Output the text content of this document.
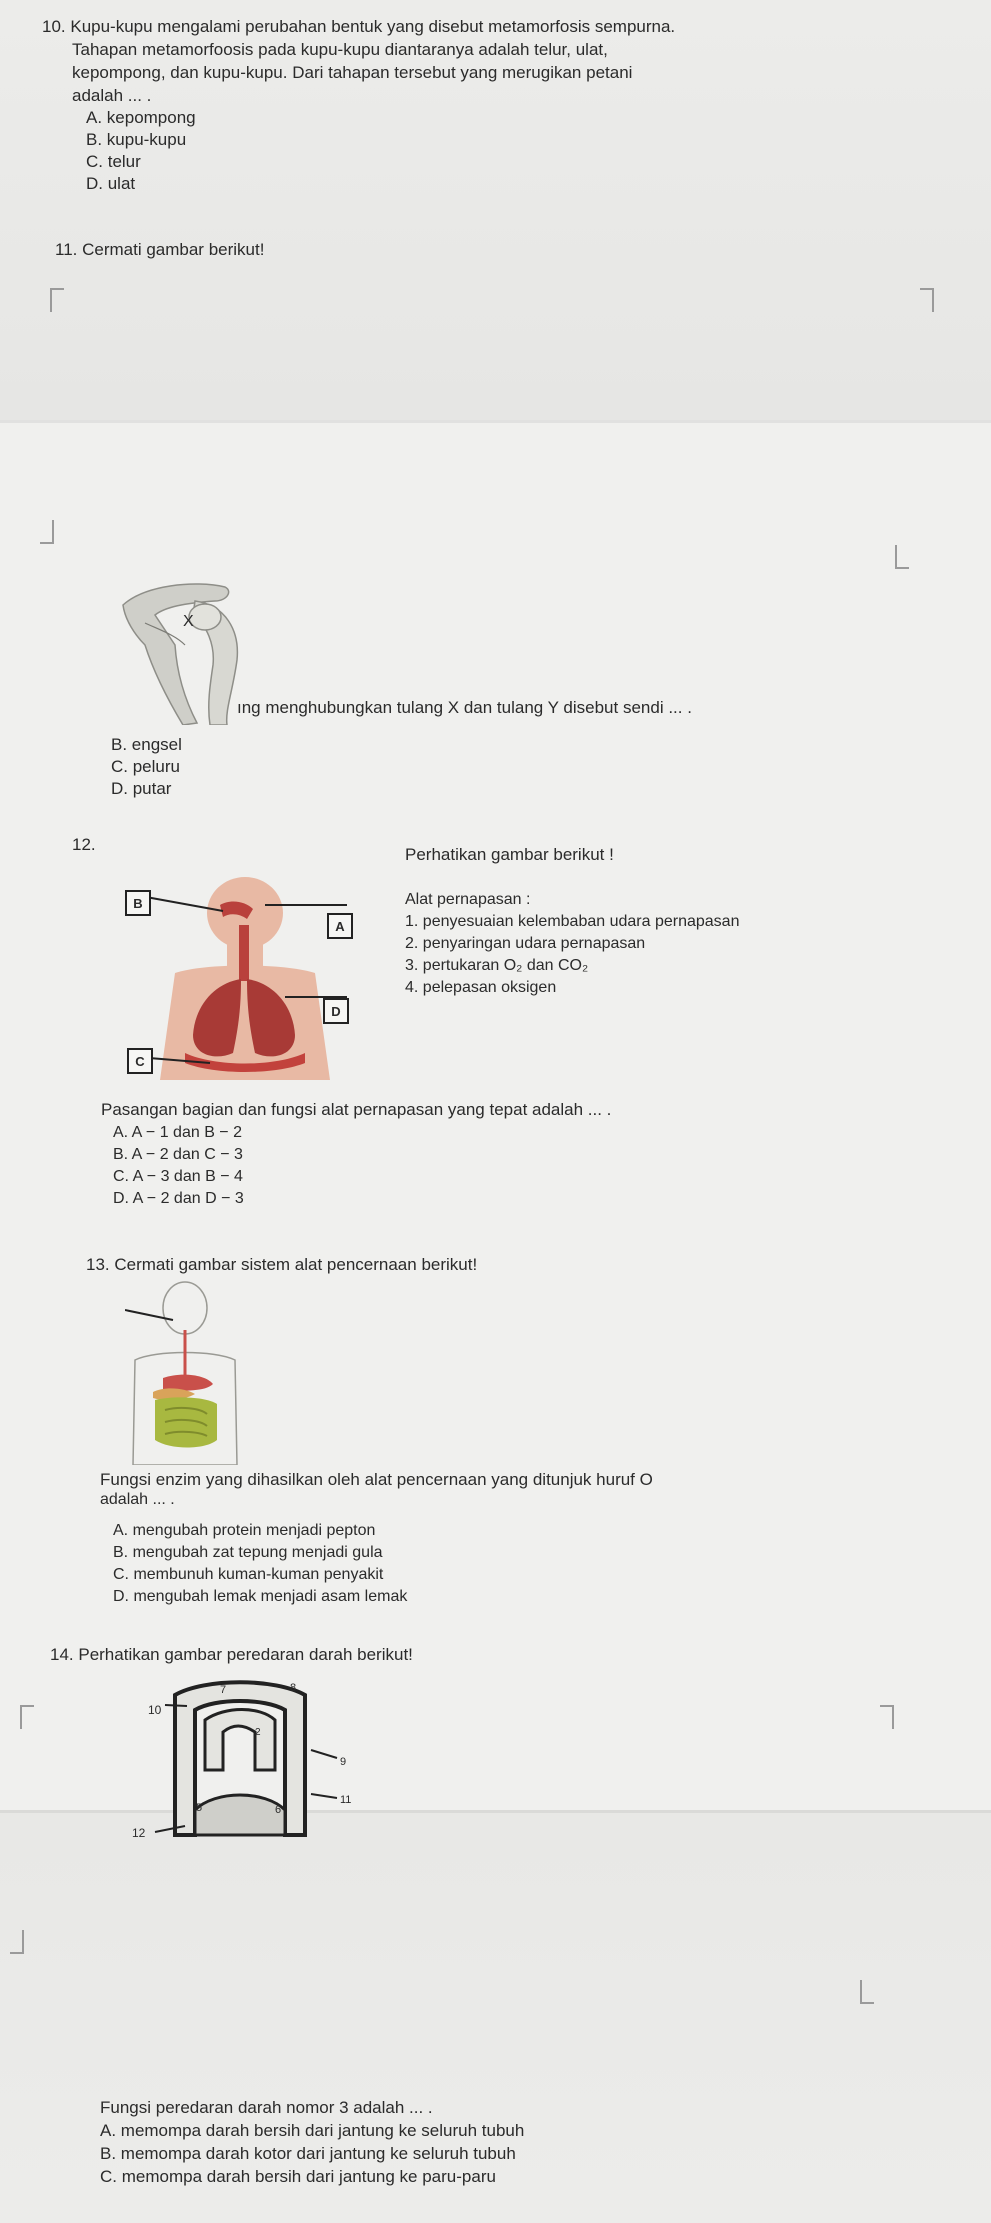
10. Kupu-kupu mengalami perubahan bentuk yang disebut metamorfosis sempurna.
Tahapan metamorfoosis pada kupu-kupu diantaranya adalah telur, ulat,
kepompong, dan kupu-kupu. Dari tahapan tersebut yang merugikan petani
adalah ... .
A. kepompong
B. kupu-kupu
C. telur
D. ulat
11. Cermati gambar berikut!
X
ıng menghubungkan tulang X dan tulang Y disebut sendi ... .
B. engsel
C. peluru
D. putar
12.
Perhatikan gambar berikut !
B
A
D
C
Alat pernapasan :
1. penyesuaian kelembaban udara pernapasan
2. penyaringan udara pernapasan
3. pertukaran O₂ dan CO₂
4. pelepasan oksigen
Pasangan bagian dan fungsi alat pernapasan yang tepat adalah ... .
A. A − 1 dan B − 2
B. A − 2 dan C − 3
C. A − 3 dan B − 4
D. A − 2 dan D − 3
13. Cermati gambar sistem alat pencernaan berikut!
Fungsi enzim yang dihasilkan oleh alat pencernaan yang ditunjuk huruf O
adalah ... .
A. mengubah protein menjadi pepton
B. mengubah zat tepung menjadi gula
C. membunuh kuman-kuman penyakit
D. mengubah lemak menjadi asam lemak
14. Perhatikan gambar peredaran darah berikut!
7	8
10
9
11
5	6
12
2
Fungsi peredaran darah nomor 3 adalah ... .
A. memompa darah bersih dari jantung ke seluruh tubuh
B. memompa darah kotor dari jantung ke seluruh tubuh
C. memompa darah bersih dari jantung ke paru-paru
